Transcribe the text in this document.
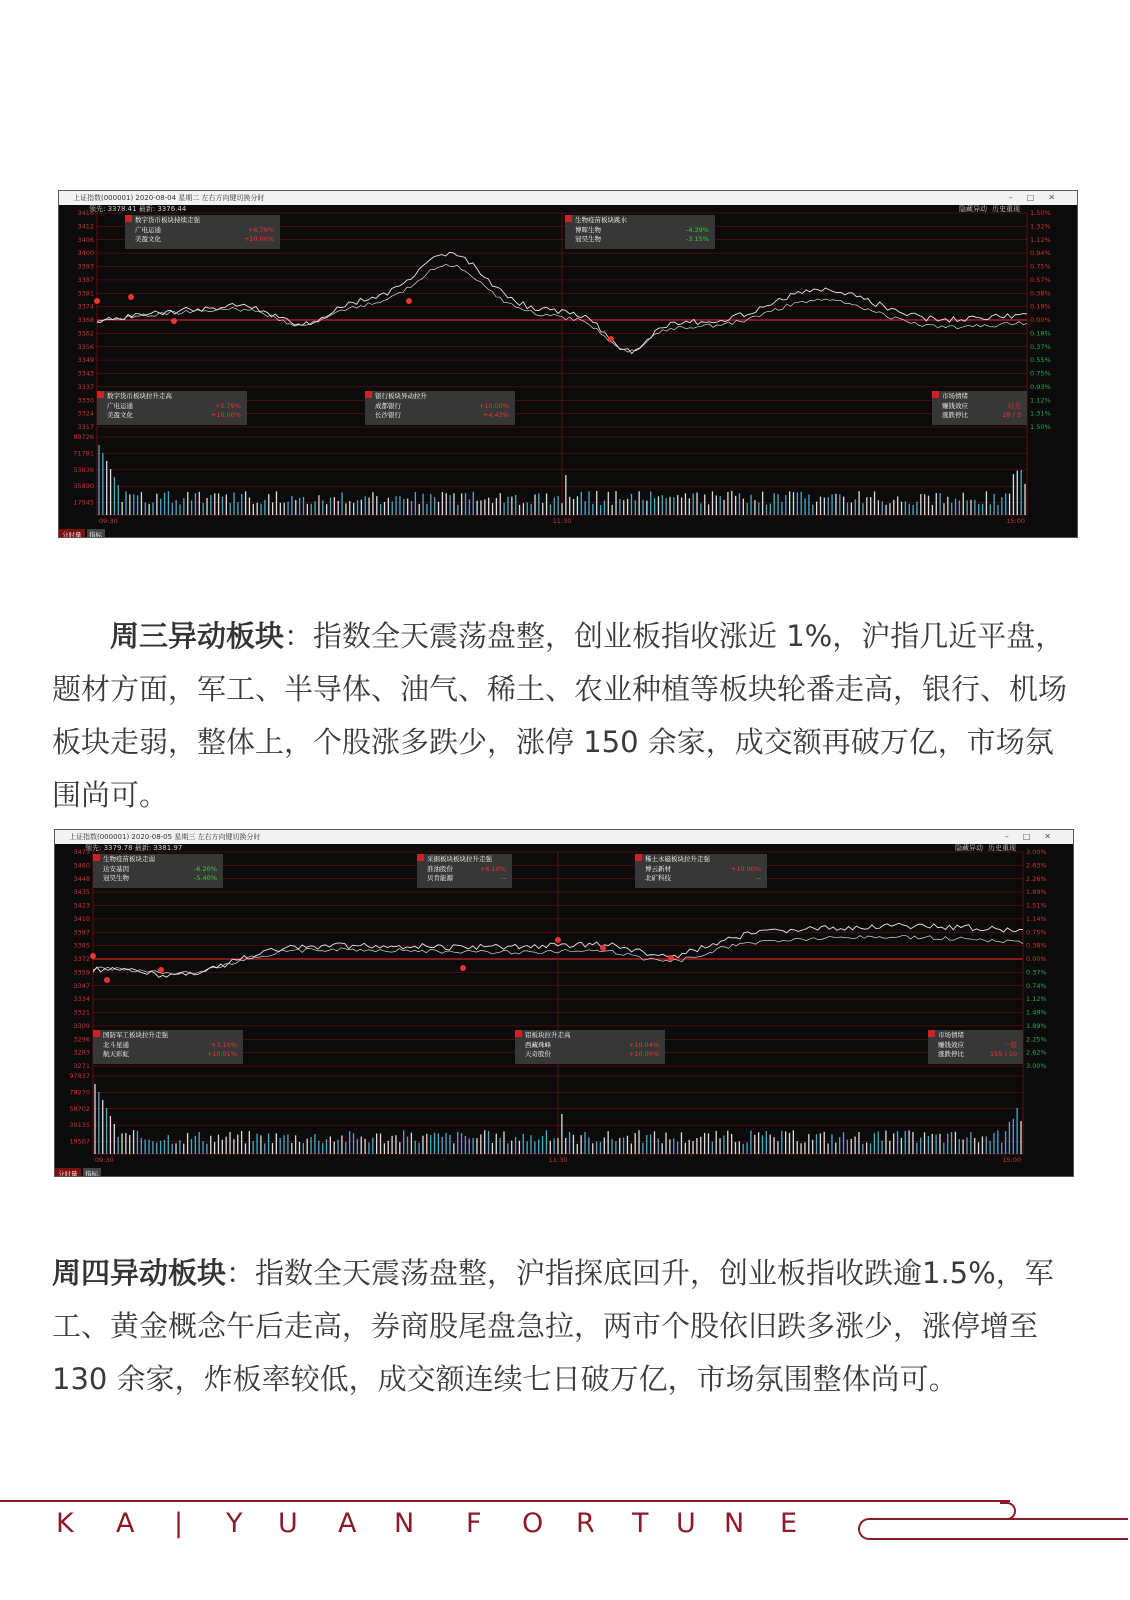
上证指数(000001) 2020-08-04 星期二 左右方向键切换分时	–□✕
领先: 3378.41 最新: 3376.44	隐藏异动 历史重现
3418	1.50%
3412	1.32%
3406	1.12%
3400	0.94%
3393	0.75%
3387	0.57%
3381	0.38%
3374	0.19%
3368	0.00%
3362	0.18%
3356	0.37%
3349	0.55%
3343	0.75%
3337	0.93%
3330	1.12%
3324	1.31%
3317	1.50%
89726
71781
53836
35890
17945
09:30	11:30	15:00
分时量 指标
数字货币板块持续走强
广电运通	+6.79%
美盈文化	+10.00%
生物疫苗板块跳水
博晖生物	-4.39%
冠昊生物	-3.15%
数字货币板块拉升走高
广电运通	+5.79%
美盈文化	+10.00%
银行板块异动拉升
成都银行	+10.00%
长沙银行	+4.43%
市场情绪
赚钱效应	较差
涨跌停比	28 / 3
周三异动板块：指数全天震荡盘整，创业板指收涨近 1%，沪指几近平盘，题材方面，军工、半导体、油气、稀土、农业种植等板块轮番走高，银行、机场板块走弱，整体上，个股涨多跌少，涨停 150 余家，成交额再破万亿，市场氛围尚可。
上证指数(000001) 2020-08-05 星期三 左右方向键切换分时	–□✕
领先: 3379.78 最新: 3381.97	隐藏异动 历史重现
3473	3.00%
3460	2.63%
3448	2.26%
3435	1.89%
3423	1.51%
3410	1.14%
3397	0.75%
3385	0.38%
3372	0.00%
3359	0.37%
3347	0.74%
3334	1.12%
3321	1.49%
3309	1.89%
3296	2.25%
3283	2.62%
3271	3.00%
97837
78270
58702
39135
19567
09:30	11:30	15:00
分时量 指标
生物疫苗板块走弱
达安基因	-6.20%
冠昊生物	-5.40%
采掘板块板块拉升走强
准油股份	+6.10%
贝肯能源	--
稀土永磁板块拉升走强
博云新材	+10.00%
北矿科技	--
国防军工板块拉升走强
北斗星通	+3.10%
航天彩虹	+10.01%
铝板块拉升走高
西藏珠峰	+10.04%
天奇股份	+10.00%
市场情绪
赚钱效应	一般
涨跌停比	155 / 10
周四异动板块：指数全天震荡盘整，沪指探底回升，创业板指收跌逾1.5%，军工、黄金概念午后走高，券商股尾盘急拉，两市个股依旧跌多涨少，涨停增至 130 余家，炸板率较低，成交额连续七日破万亿，市场氛围整体尚可。
K A | Y U A N F O R T U N E
